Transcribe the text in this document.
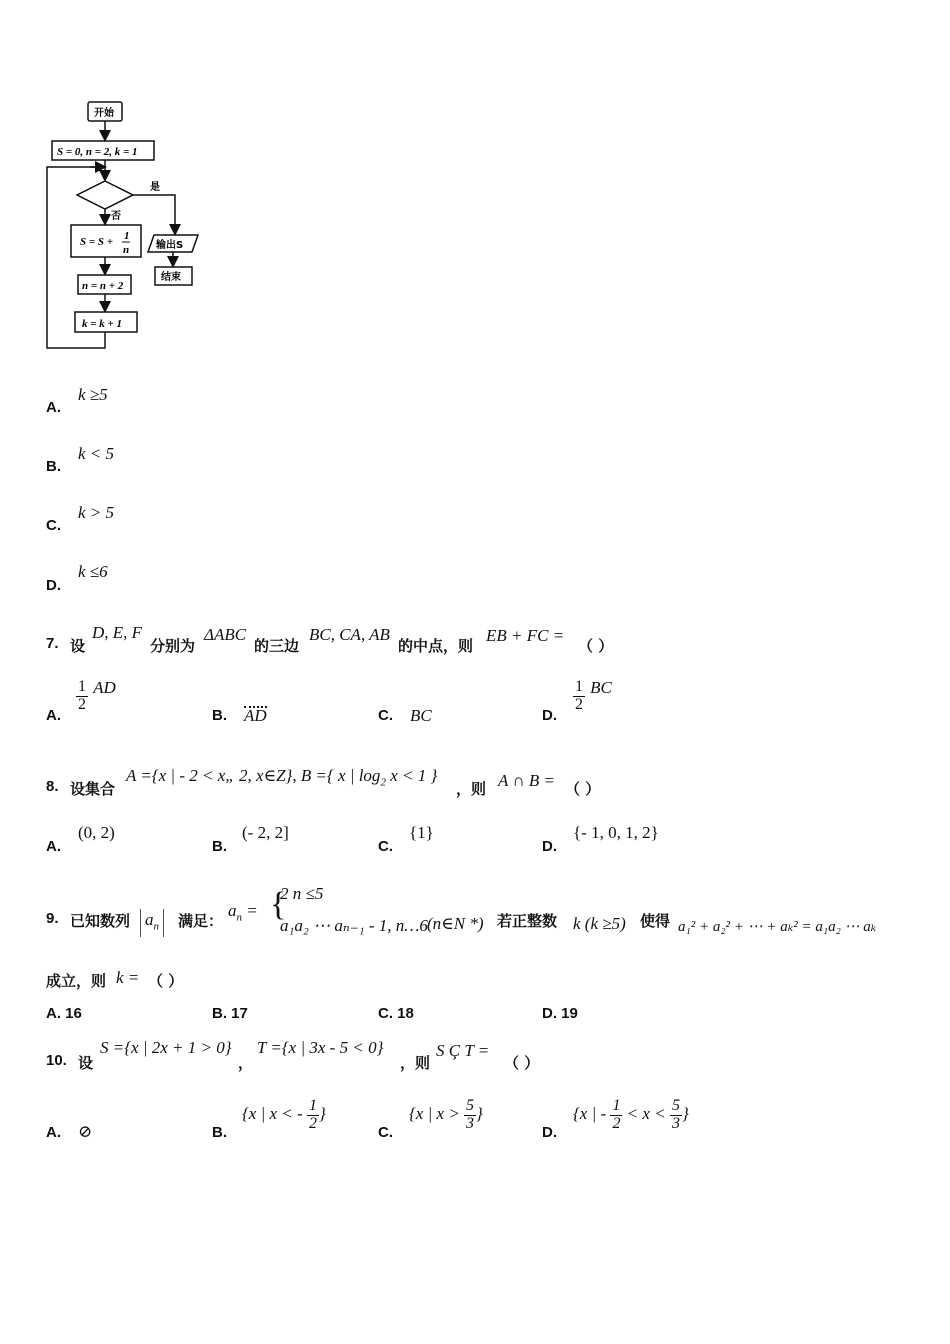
开始
S = 0, n = 2, k = 1
是
否
S = S + 1
n	输出S
结束
n = n + 2
k = k + 1
A.
k ≥5
B.
k < 5
C.
k > 5
D.
k ≤6
7. 设
D, E, F
分别为
ΔABC
的三边
BC, CA, AB
的中点，则
EB + FC =
（ ）
A.
$\frac{1}{2}$ AD
B. AD	C. BC	D.
$\frac{1}{2}$ BC
8. 设集合
A ={x | - 2 < x„ 2, x∈Z}, B ={ x | $\log_2 x < 1$ }
，则 A ∩ B = （ ）
A.
(0, 2)
B.
(- 2, 2]
C.
{1}
D.
{- 1, 0, 1, 2}
9. 已知数列 $a_n$	满足：
$a_n$ = {
2 n ≤5
a₁a₂ ⋯ aₙ₋₁ - 1, n…6 (n∈N *) 若正整数 k (k ≥5) 使得 a₁² + a₂² + ⋯ + aₖ² = a₁a₂ ⋯ aₖ
成立，则 k = （ ）
A. 16	B. 17	C. 18	D. 19
10. 设
S ={x | 2x + 1 > 0}
，
T ={x | 3x - 5 < 0}
，则
S Ç T =
（ ）
A. ⊘	B.
{x | x < - $\frac{1}{2}$ }
C.
{x | $x > \frac{5}{3}$ }
D.
{x | - $\frac{1}{2} < x < \frac{5}{3}$ }
